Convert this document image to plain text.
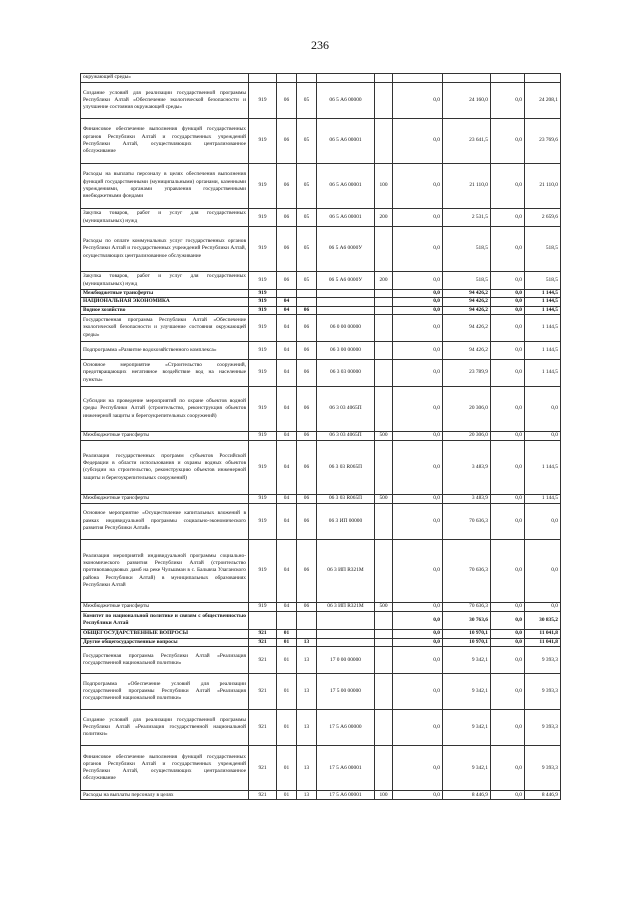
236
окружающей среды»									
Создание условий для реализации государственной программы Республики Алтай «Обеспечение экологической безопасности и улучшение состояния окружающей среды»	919	06	05	06 5 А6 00000		0,0	24 160,0	0,0	24 208,1
Финансовое обеспечение выполнения функций государственных органов Республики Алтай и государственных учреждений Республики Алтай, осуществляющих централизованное обслуживание	919	06	05	06 5 А6 00001		0,0	23 641,5	0,0	23 769,6
Расходы на выплаты персоналу в целях обеспечения выполнения функций государственными (муниципальными) органами, казенными учреждениями, органами управления государственными внебюджетными фондами	919	06	05	06 5 А6 00001	100	0,0	21 110,0	0,0	21 110,0
Закупка товаров, работ и услуг для государственных (муниципальных) нужд	919	06	05	06 5 А6 00001	200	0,0	2 531,5	0,0	2 659,6
Расходы по оплате коммунальных услуг государственных органов Республики Алтай и государственных учреждений Республики Алтай, осуществляющих централизованное обслуживание	919	06	05	06 5 А6 0000У		0,0	518,5	0,0	518,5
Закупка товаров, работ и услуг для государственных (муниципальных) нужд	919	06	05	06 5 А6 0000У	200	0,0	518,5	0,0	518,5
Межбюджетные трансферты	919					0,0	94 426,2	0,0	1 144,5
НАЦИОНАЛЬНАЯ ЭКОНОМИКА	919	04				0,0	94 426,2	0,0	1 144,5
Водное хозяйство	919	04	06			0,0	94 426,2	0,0	1 144,5
Государственная программа Республики Алтай «Обеспечение экологической безопасности и улучшение состояния окружающей среды»	919	04	06	06 0 00 00000		0,0	94 426,2	0,0	1 144,5
Подпрограмма «Развитие водохозяйственного комплекса»	919	04	06	06 3 00 00000		0,0	94 426,2	0,0	1 144,5
Основное мероприятие «Строительство сооружений, предотвращающих негативное воздействие вод на населенные пункты»	919	04	06	06 3 03 00000		0,0	23 789,9	0,0	1 144,5
Субсидии на проведение мероприятий по охране объектов водной среды Республики Алтай (строительство, реконструкция объектов инженерной защиты и берегоукрепительных сооружений)	919	04	06	06 3 03 4065П		0,0	20 306,0	0,0	0,0
Межбюджетные трансферты	919	04	06	06 3 03 4065П	500	0,0	20 306,0	0,0	0,0
Реализация государственных программ субъектов Российской Федерации в области использования и охраны водных объектов (субсидии на строительство, реконструкцию объектов инженерной защиты и берегоукрепительных сооружений)	919	04	06	06 3 03 R065П		0,0	3 483,9	0,0	1 144,5
Межбюджетные трансферты	919	04	06	06 3 03 R065П	500	0,0	3 483,9	0,0	1 144,5
Основное мероприятие «Осуществление капитальных вложений в рамках индивидуальной программы социально-экономического развития Республики Алтай»	919	04	06	06 3 ИП 00000		0,0	70 636,3	0,0	0,0
Реализация мероприятий индивидуальной программы социально-экономического развития Республики Алтай (строительство противопаводковых дамб на реке Чульшман в с. Балыкча Улаганского района Республики Алтай) в муниципальных образованиях Республики Алтай	919	04	06	06 3 ИП R321М		0,0	70 636,3	0,0	0,0
Межбюджетные трансферты	919	04	06	06 3 ИП R321М	500	0,0	70 636,3	0,0	0,0
Комитет по национальной политике и связям с общественностью Республики Алтай						0,0	30 763,6	0,0	30 835,2
ОБЩЕГОСУДАРСТВЕННЫЕ ВОПРОСЫ	921	01				0,0	10 970,1	0,0	11 041,8
Другие общегосударственные вопросы	921	01	13			0,0	10 970,1	0,0	11 041,8
Государственная программа Республики Алтай «Реализация государственной национальной политики»	921	01	13	17 0 00 00000		0,0	9 342,1	0,0	9 393,3
Подпрограмма «Обеспечение условий для реализации государственной программы Республики Алтай «Реализация государственной национальной политики»	921	01	13	17 5 00 00000		0,0	9 342,1	0,0	9 393,3
Создание условий для реализации государственной программы Республики Алтай «Реализация государственной национальной политики»	921	01	13	17 5 А6 00000		0,0	9 342,1	0,0	9 393,3
Финансовое обеспечение выполнения функций государственных органов Республики Алтай и государственных учреждений Республики Алтай, осуществляющих централизованное обслуживание	921	01	13	17 5 А6 00001		0,0	9 342,1	0,0	9 393,3
Расходы на выплаты персоналу в целях	921	01	13	17 5 А6 00001	100	0,0	8 446,9	0,0	8 446,9
